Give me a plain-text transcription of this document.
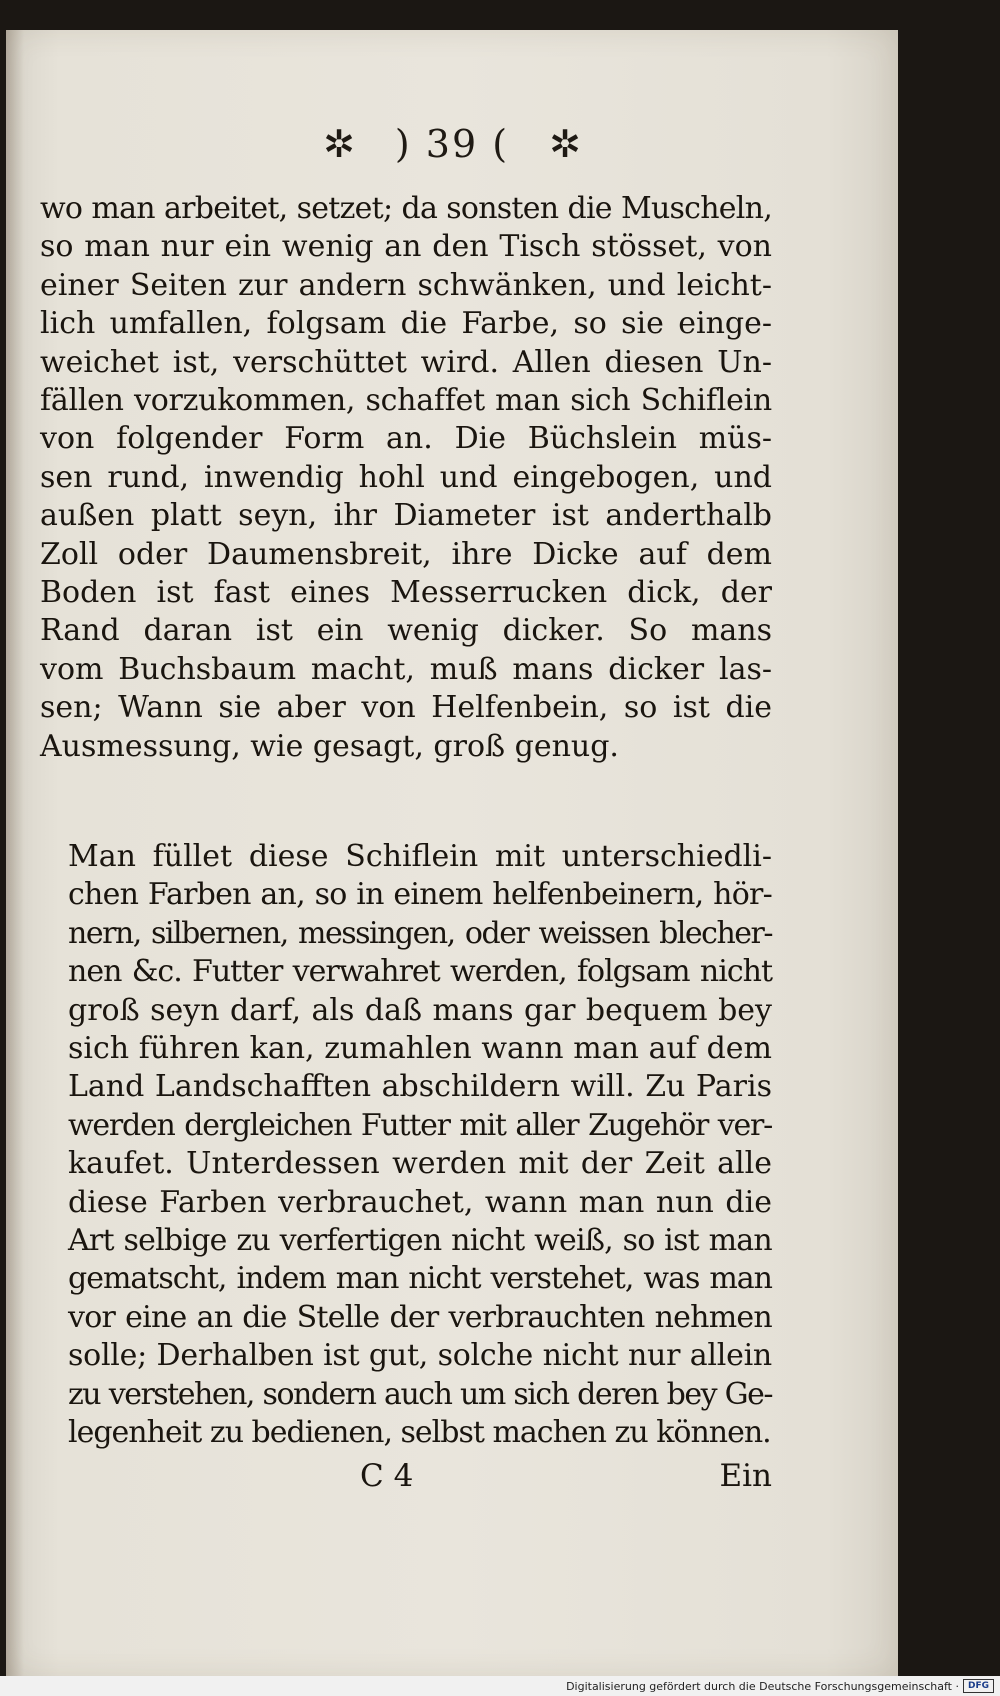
✲ ) 39 ( ✲
wo man arbeitet, setzet; da sonsten die Muscheln,
so man nur ein wenig an den Tisch stösset, von
einer Seiten zur andern schwänken, und leicht-
lich umfallen, folgsam die Farbe, so sie einge-
weichet ist, verschüttet wird. Allen diesen Un-
fällen vorzukommen, schaffet man sich Schiflein
von folgender Form an. Die Büchslein müs-
sen rund, inwendig hohl und eingebogen, und
außen platt seyn, ihr Diameter ist anderthalb
Zoll oder Daumensbreit, ihre Dicke auf dem
Boden ist fast eines Messerrucken dick, der
Rand daran ist ein wenig dicker. So mans
vom Buchsbaum macht, muß mans dicker las-
sen; Wann sie aber von Helfenbein, so ist die
Ausmessung, wie gesagt, groß genug.
Man füllet diese Schiflein mit unterschiedli-
chen Farben an, so in einem helfenbeinern, hör-
nern, silbernen, messingen, oder weissen blecher-
nen &c. Futter verwahret werden, folgsam nicht
groß seyn darf, als daß mans gar bequem bey
sich führen kan, zumahlen wann man auf dem
Land Landschafften abschildern will. Zu Paris
werden dergleichen Futter mit aller Zugehör ver-
kaufet. Unterdessen werden mit der Zeit alle
diese Farben verbrauchet, wann man nun die
Art selbige zu verfertigen nicht weiß, so ist man
gematscht, indem man nicht verstehet, was man
vor eine an die Stelle der verbrauchten nehmen
solle; Derhalben ist gut, solche nicht nur allein
zu verstehen, sondern auch um sich deren bey Ge-
legenheit zu bedienen, selbst machen zu können.
C 4	Ein
Digitalisierung gefördert durch die Deutsche Forschungsgemeinschaft ·	DFG
